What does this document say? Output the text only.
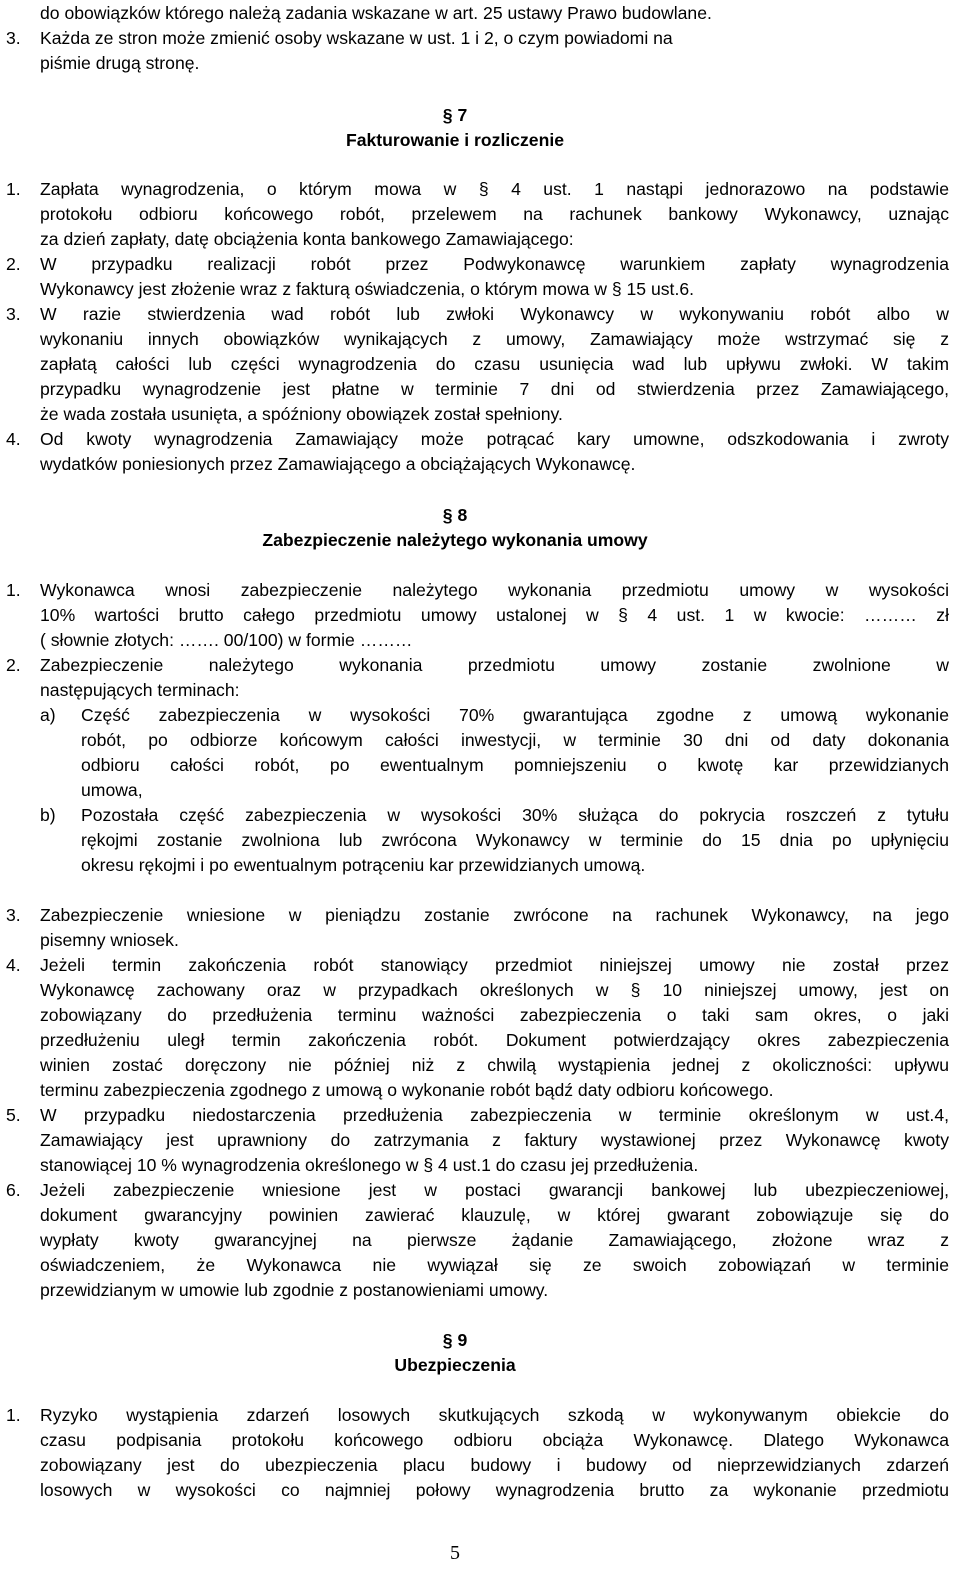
do obowiązków którego należą zadania wskazane w art. 25 ustawy Prawo budowlane.
3. Każda ze stron może zmienić osoby wskazane w ust. 1 i 2, o czym powiadomi na
piśmie drugą stronę.
§ 7
Fakturowanie i rozliczenie
1. Zapłata wynagrodzenia, o którym mowa w § 4 ust. 1 nastąpi jednorazowo na podstawie
protokołu odbioru końcowego robót, przelewem na rachunek bankowy Wykonawcy, uznając
za dzień zapłaty, datę obciążenia konta bankowego Zamawiającego:
2. W przypadku realizacji robót przez Podwykonawcę warunkiem zapłaty wynagrodzenia
Wykonawcy jest złożenie wraz z fakturą oświadczenia, o którym mowa w § 15 ust.6.
3. W razie stwierdzenia wad robót lub zwłoki Wykonawcy w wykonywaniu robót albo w
wykonaniu innych obowiązków wynikających z umowy, Zamawiający może wstrzymać się z
zapłatą całości lub części wynagrodzenia do czasu usunięcia wad lub upływu zwłoki. W takim
przypadku wynagrodzenie jest płatne w terminie 7 dni od stwierdzenia przez Zamawiającego,
że wada została usunięta, a spóźniony obowiązek został spełniony.
4. Od kwoty wynagrodzenia Zamawiający może potrącać kary umowne, odszkodowania i zwroty
wydatków poniesionych przez Zamawiającego a obciążających Wykonawcę.
§ 8
Zabezpieczenie należytego wykonania umowy
1. Wykonawca wnosi zabezpieczenie należytego wykonania przedmiotu umowy w wysokości
10% wartości brutto całego przedmiotu umowy ustalonej w § 4 ust. 1 w kwocie: ……… zł
( słownie złotych: ……. 00/100) w formie ………
2. Zabezpieczenie należytego wykonania przedmiotu umowy zostanie zwolnione w
następujących terminach:
a) Część zabezpieczenia w wysokości 70% gwarantująca zgodne z umową wykonanie
robót, po odbiorze końcowym całości inwestycji, w terminie 30 dni od daty dokonania
odbioru całości robót, po ewentualnym pomniejszeniu o kwotę kar przewidzianych
umowa,
b) Pozostała część zabezpieczenia w wysokości 30% służąca do pokrycia roszczeń z tytułu
rękojmi zostanie zwolniona lub zwrócona Wykonawcy w terminie do 15 dnia po upłynięciu
okresu rękojmi i po ewentualnym potrąceniu kar przewidzianych umową.
3. Zabezpieczenie wniesione w pieniądzu zostanie zwrócone na rachunek Wykonawcy, na jego
pisemny wniosek.
4. Jeżeli termin zakończenia robót stanowiący przedmiot niniejszej umowy nie został przez
Wykonawcę zachowany oraz w przypadkach określonych w § 10 niniejszej umowy, jest on
zobowiązany do przedłużenia terminu ważności zabezpieczenia o taki sam okres, o jaki
przedłużeniu uległ termin zakończenia robót. Dokument potwierdzający okres zabezpieczenia
winien zostać doręczony nie później niż z chwilą wystąpienia jednej z okoliczności: upływu
terminu zabezpieczenia zgodnego z umową o wykonanie robót bądź daty odbioru końcowego.
5. W przypadku niedostarczenia przedłużenia zabezpieczenia w terminie określonym w ust.4,
Zamawiający jest uprawniony do zatrzymania z faktury wystawionej przez Wykonawcę kwoty
stanowiącej 10 % wynagrodzenia określonego w § 4 ust.1 do czasu jej przedłużenia.
6. Jeżeli zabezpieczenie wniesione jest w postaci gwarancji bankowej lub ubezpieczeniowej,
dokument gwarancyjny powinien zawierać klauzulę, w której gwarant zobowiązuje się do
wypłaty kwoty gwarancyjnej na pierwsze żądanie Zamawiającego, złożone wraz z
oświadczeniem, że Wykonawca nie wywiązał się ze swoich zobowiązań w terminie
przewidzianym w umowie lub zgodnie z postanowieniami umowy.
§ 9
Ubezpieczenia
1. Ryzyko wystąpienia zdarzeń losowych skutkujących szkodą w wykonywanym obiekcie do
czasu podpisania protokołu końcowego odbioru obciąża Wykonawcę. Dlatego Wykonawca
zobowiązany jest do ubezpieczenia placu budowy i budowy od nieprzewidzianych zdarzeń
losowych w wysokości co najmniej połowy wynagrodzenia brutto za wykonanie przedmiotu
5
